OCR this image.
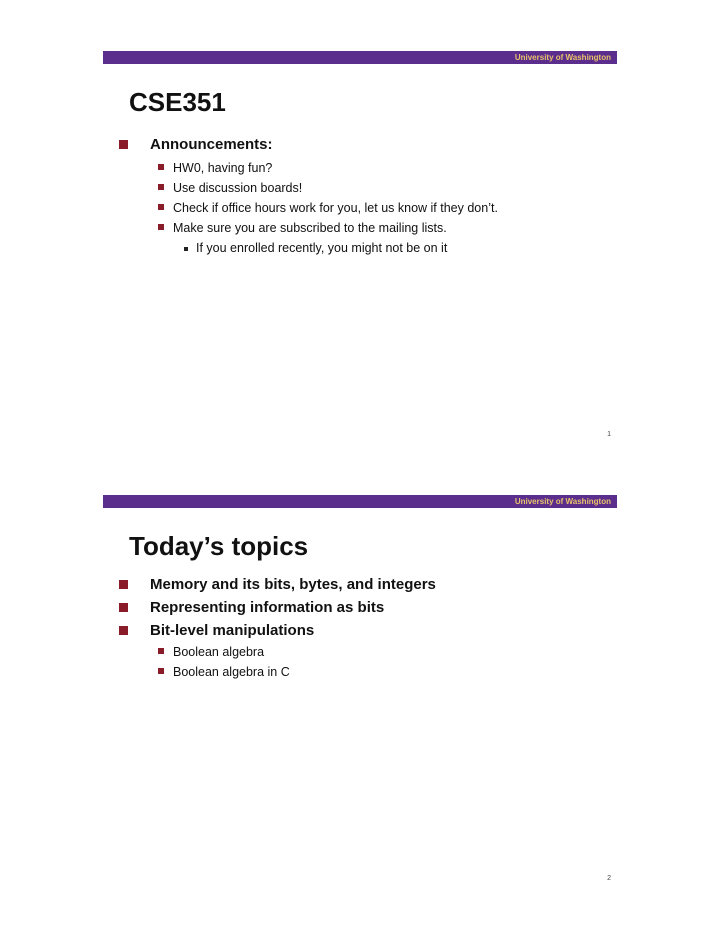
University of Washington
CSE351
Announcements:
HW0, having fun?
Use discussion boards!
Check if office hours work for you, let us know if they don’t.
Make sure you are subscribed to the mailing lists.
If you enrolled recently, you might not be on it
1
University of Washington
Today’s topics
Memory and its bits, bytes, and integers
Representing information as bits
Bit-level manipulations
Boolean algebra
Boolean algebra in C
2
